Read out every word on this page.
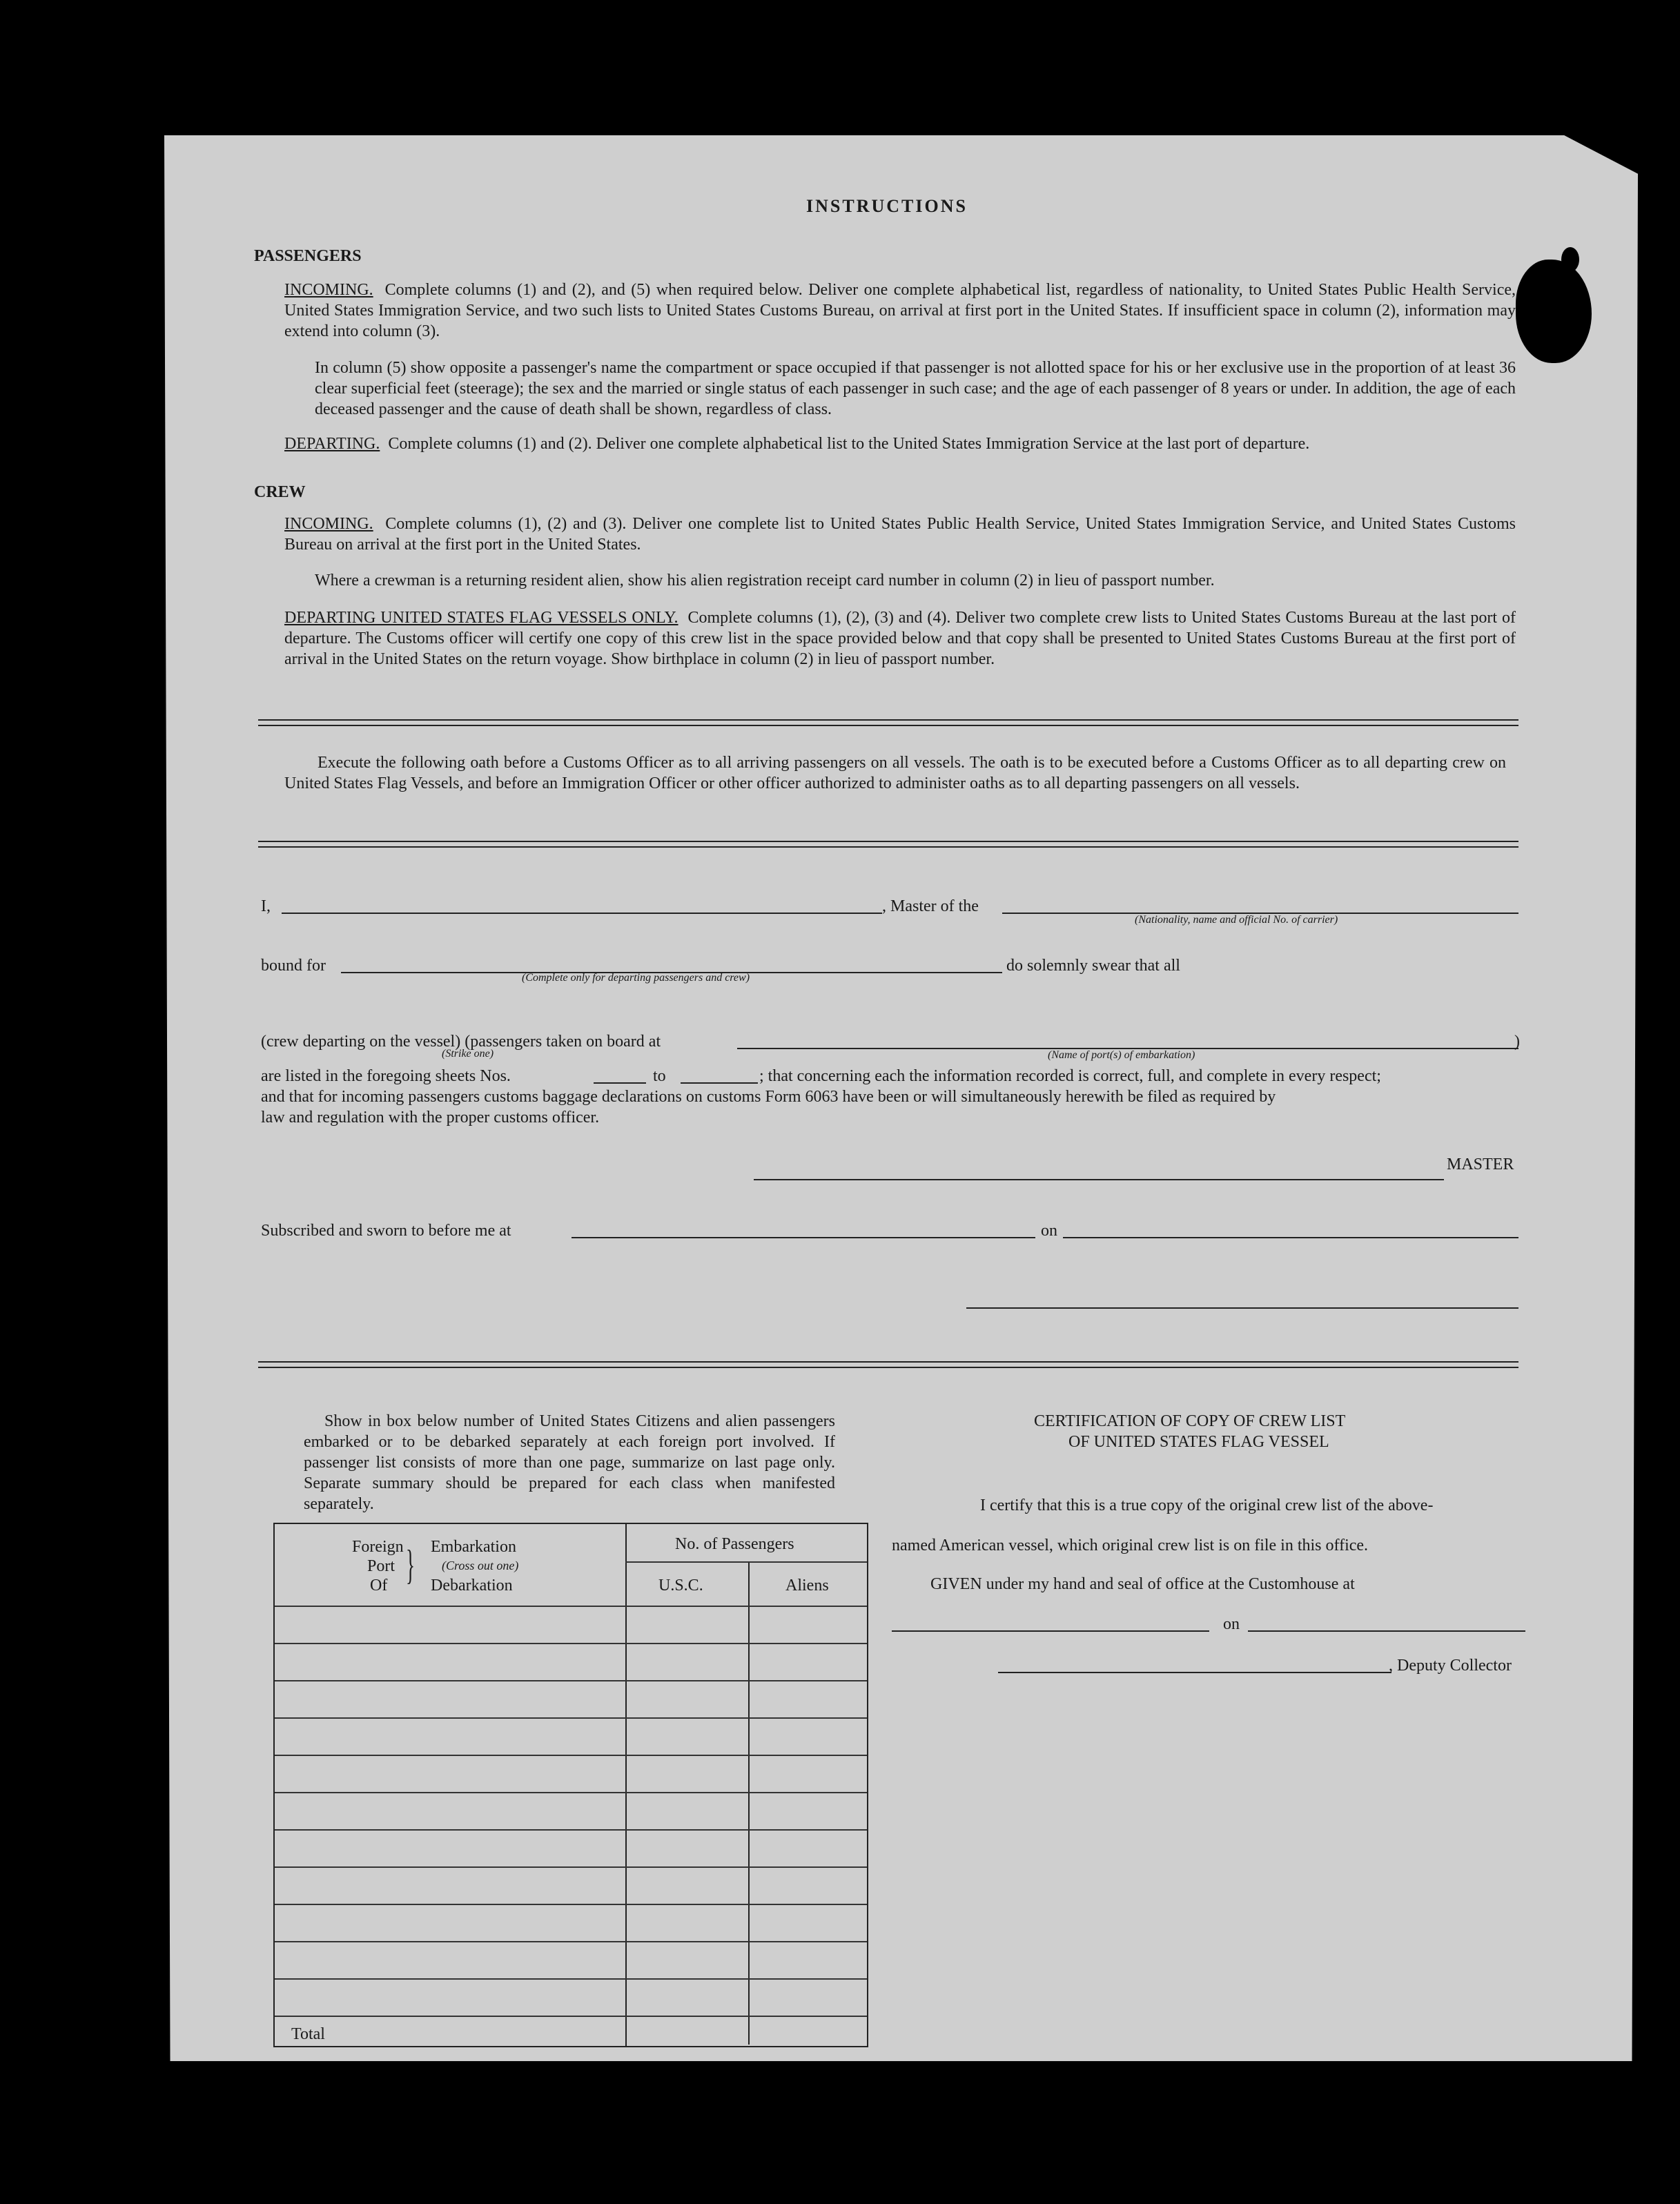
INSTRUCTIONS
PASSENGERS
INCOMING. Complete columns (1) and (2), and (5) when required below. Deliver one complete alphabetical list, regardless of nationality, to United States Public Health Service, United States Immigration Service, and two such lists to United States Customs Bureau, on arrival at first port in the United States. If insufficient space in column (2), information may extend into column (3).
In column (5) show opposite a passenger's name the compartment or space occupied if that passenger is not allotted space for his or her exclusive use in the proportion of at least 36 clear superficial feet (steerage); the sex and the married or single status of each passenger in such case; and the age of each passenger of 8 years or under. In addition, the age of each deceased passenger and the cause of death shall be shown, regardless of class.
DEPARTING. Complete columns (1) and (2). Deliver one complete alphabetical list to the United States Immigration Service at the last port of departure.
CREW
INCOMING. Complete columns (1), (2) and (3). Deliver one complete list to United States Public Health Service, United States Immigration Service, and United States Customs Bureau on arrival at the first port in the United States.
Where a crewman is a returning resident alien, show his alien registration receipt card number in column (2) in lieu of passport number.
DEPARTING UNITED STATES FLAG VESSELS ONLY. Complete columns (1), (2), (3) and (4). Deliver two complete crew lists to United States Customs Bureau at the last port of departure. The Customs officer will certify one copy of this crew list in the space provided below and that copy shall be presented to United States Customs Bureau at the first port of arrival in the United States on the return voyage. Show birthplace in column (2) in lieu of passport number.
Execute the following oath before a Customs Officer as to all arriving passengers on all vessels. The oath is to be executed before a Customs Officer as to all departing crew on United States Flag Vessels, and before an Immigration Officer or other officer authorized to administer oaths as to all departing passengers on all vessels.
I,	, Master of the
(Nationality, name and official No. of carrier)
bound for
(Complete only for departing passengers and crew)
do solemnly swear that all
(crew departing on the vessel) (passengers taken on board at
(Strike one)	(Name of port(s) of embarkation)
)
are listed in the foregoing sheets Nos.	to	; that concerning each the information recorded is correct, full, and complete in every respect;
and that for incoming passengers customs baggage declarations on customs Form 6063 have been or will simultaneously herewith be filed as required by
law and regulation with the proper customs officer.
MASTER
Subscribed and sworn to before me at	on
Show in box below number of United States Citizens and alien passengers embarked or to be debarked separately at each foreign port involved. If passenger list consists of more than one page, summarize on last page only. Separate summary should be prepared for each class when manifested separately.
Foreign
Port
Of } Embarkation
(Cross out one)
Debarkation
No. of Passengers
U.S.C.	Aliens
Total
CERTIFICATION OF COPY OF CREW LIST
OF UNITED STATES FLAG VESSEL
I certify that this is a true copy of the original crew list of the above-
named American vessel, which original crew list is on file in this office.
GIVEN under my hand and seal of office at the Customhouse at
on
, Deputy Collector
